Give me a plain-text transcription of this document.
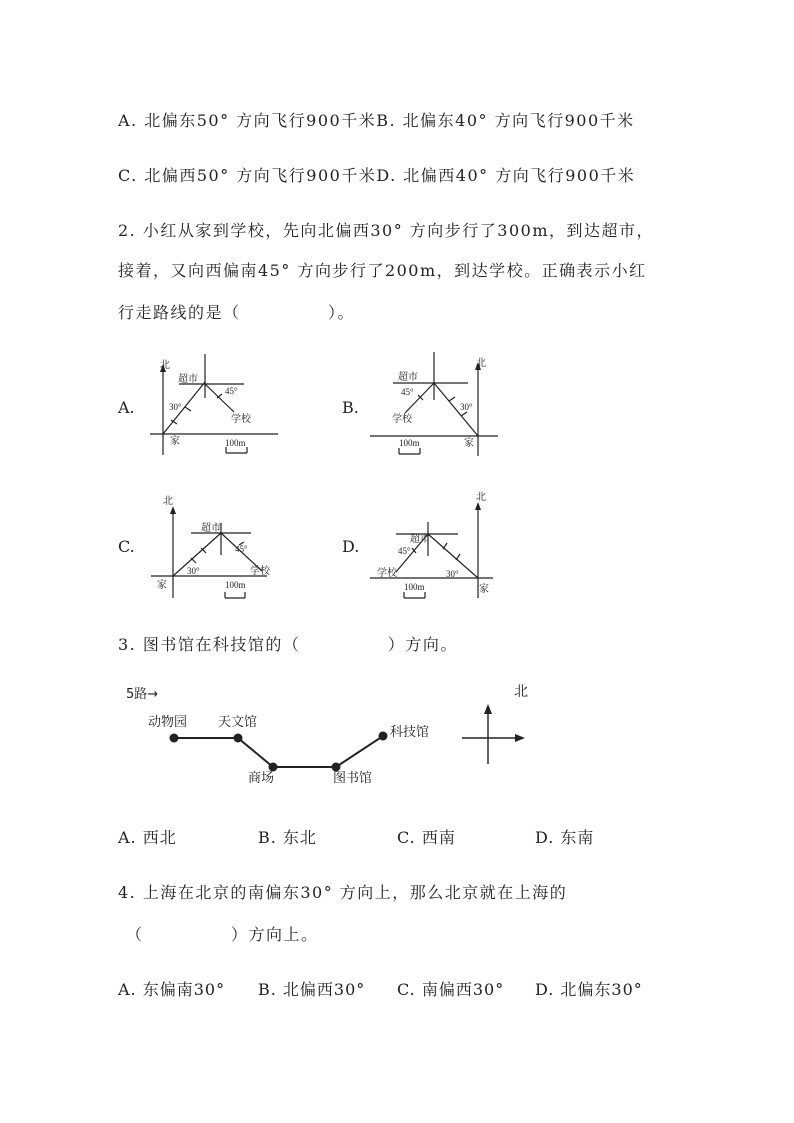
A. 北偏东50° 方向飞行900千米B. 北偏东40° 方向飞行900千米
C. 北偏西50° 方向飞行900千米D. 北偏西40° 方向飞行900千米
2. 小红从家到学校，先向北偏西30° 方向步行了300m，到达超市，
接着，又向西偏南45° 方向步行了200m，到达学校。正确表示小红
行走路线的是（　　　　　）。
A.	B.
C.	D.
北
超市
45°
30°
学校
家	100m
北
超市
45°
30°
学校
家
100m
北
超市
45°
30°	学校
家	100m
北
超市
45°
30°
学校
家
100m
3. 图书馆在科技馆的（　　　　　）方向。
5路→	北
动物园 天文馆
商场	图书馆
科技馆
A. 西北	B. 东北	C. 西南	D. 东南
4. 上海在北京的南偏东30° 方向上，那么北京就在上海的
（　　　　　）方向上。
A. 东偏南30° B. 北偏西30° C. 南偏西30° D. 北偏东30°
